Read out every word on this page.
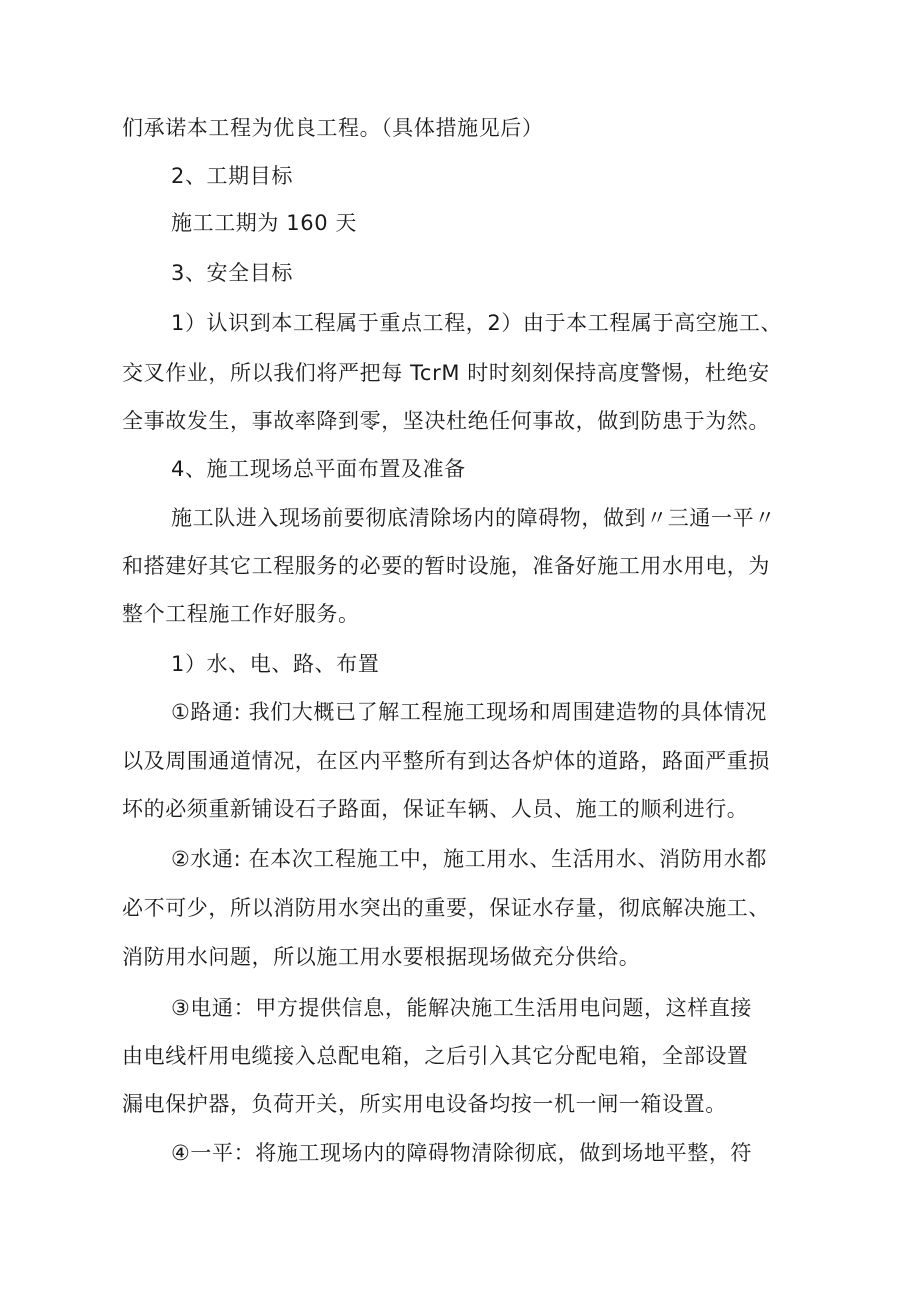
们承诺本工程为优良工程。（具体措施见后）

2、工期目标

施工工期为 160 天

3、安全目标

1）认识到本工程属于重点工程，2）由于本工程属于高空施工、

交叉作业，所以我们将严把每 TcrM 时时刻刻保持高度警惕，杜绝安

全事故发生，事故率降到零，坚决杜绝任何事故，做到防患于为然。

4、施工现场总平面布置及准备

施工队进入现场前要彻底清除场内的障碍物，做到〃三通一平〃

和搭建好其它工程服务的必要的暂时设施，准备好施工用水用电，为

整个工程施工作好服务。

1）水、电、路、布置

①路通: 我们大概已了解工程施工现场和周围建造物的具体情况

以及周围通道情况，在区内平整所有到达各炉体的道路，路面严重损

坏的必须重新铺设石子路面，保证车辆、人员、施工的顺利进行。

②水通: 在本次工程施工中，施工用水、生活用水、消防用水都

必不可少，所以消防用水突出的重要，保证水存量，彻底解决施工、

消防用水问题，所以施工用水要根据现场做充分供给。

③电通：甲方提供信息，能解决施工生活用电问题，这样直接

由电线杆用电缆接入总配电箱，之后引入其它分配电箱，全部设置

漏电保护器，负荷开关，所实用电设备均按一机一闸一箱设置。

④一平：将施工现场内的障碍物清除彻底，做到场地平整，符
